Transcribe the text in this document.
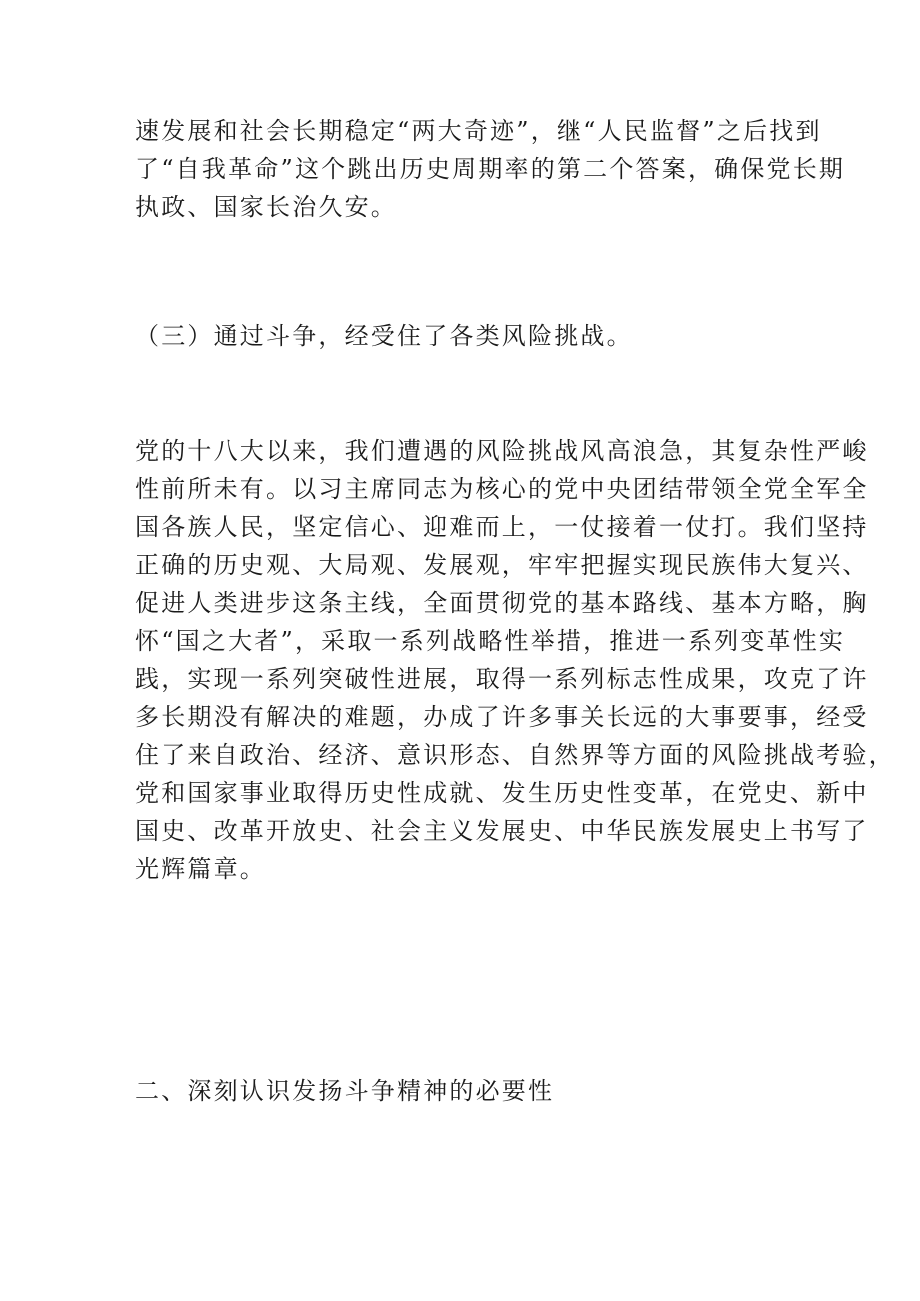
速发展和社会长期稳定“两大奇迹”，继“人民监督”之后找到
了“自我革命”这个跳出历史周期率的第二个答案，确保党长期
执政、国家长治久安。

（三）通过斗争，经受住了各类风险挑战。

党的十八大以来，我们遭遇的风险挑战风高浪急，其复杂性严峻
性前所未有。以习主席同志为核心的党中央团结带领全党全军全
国各族人民，坚定信心、迎难而上，一仗接着一仗打。我们坚持
正确的历史观、大局观、发展观，牢牢把握实现民族伟大复兴、
促进人类进步这条主线，全面贯彻党的基本路线、基本方略，胸
怀“国之大者”，采取一系列战略性举措，推进一系列变革性实
践，实现一系列突破性进展，取得一系列标志性成果，攻克了许
多长期没有解决的难题，办成了许多事关长远的大事要事，经受
住了来自政治、经济、意识形态、自然界等方面的风险挑战考验，
党和国家事业取得历史性成就、发生历史性变革，在党史、新中
国史、改革开放史、社会主义发展史、中华民族发展史上书写了
光辉篇章。

二、深刻认识发扬斗争精神的必要性
